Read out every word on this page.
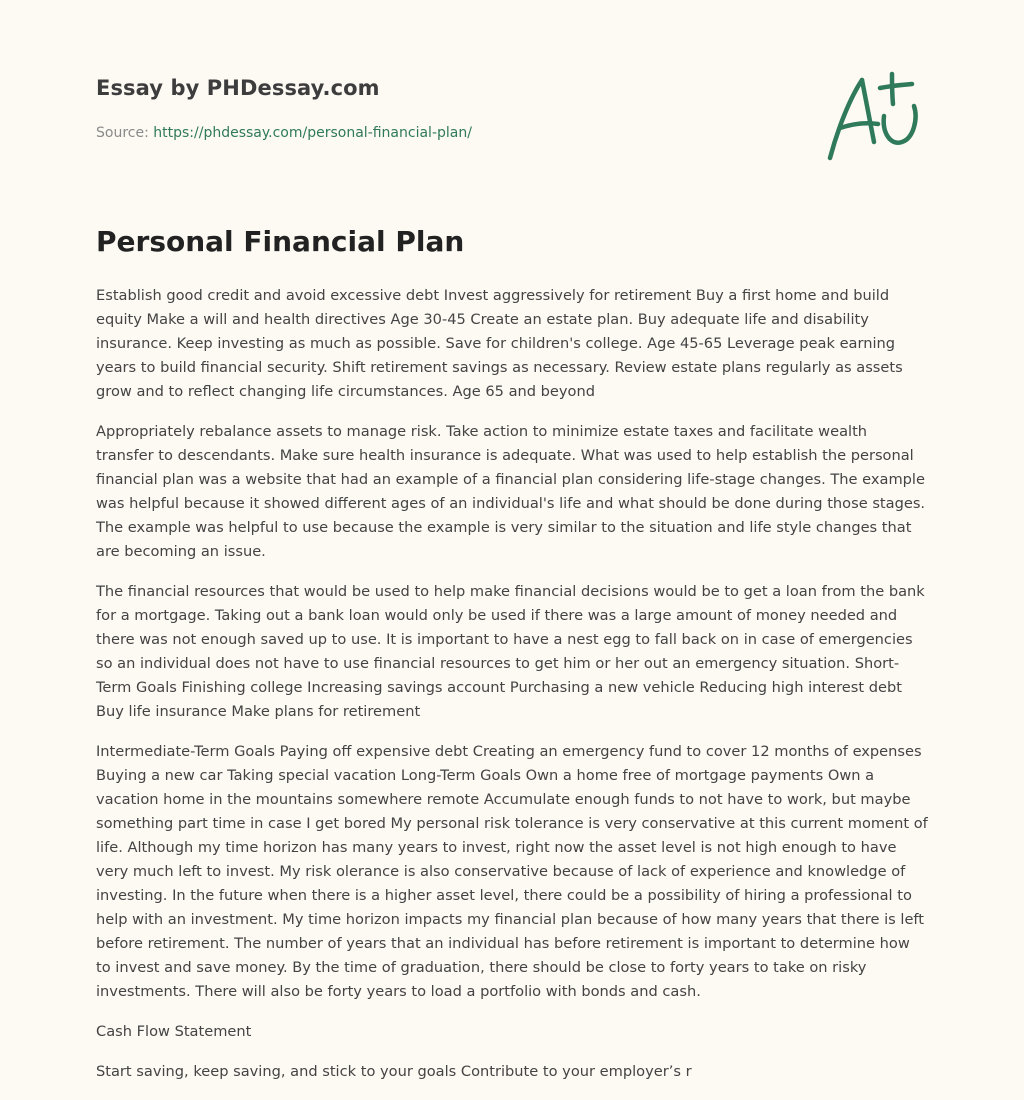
Essay by PHDessay.com
Source: https://phdessay.com/personal-financial-plan/
Personal Financial Plan

Establish good credit and avoid excessive debt Invest aggressively for retirement Buy a first home and build equity Make a will and health directives Age 30-45 Create an estate plan. Buy adequate life and disability insurance. Keep investing as much as possible. Save for children's college. Age 45-65 Leverage peak earning years to build financial security. Shift retirement savings as necessary. Review estate plans regularly as assets grow and to reflect changing life circumstances. Age 65 and beyond

Appropriately rebalance assets to manage risk. Take action to minimize estate taxes and facilitate wealth transfer to descendants. Make sure health insurance is adequate. What was used to help establish the personal financial plan was a website that had an example of a financial plan considering life-stage changes. The example was helpful because it showed different ages of an individual's life and what should be done during those stages. The example was helpful to use because the example is very similar to the situation and life style changes that are becoming an issue.

The financial resources that would be used to help make financial decisions would be to get a loan from the bank for a mortgage. Taking out a bank loan would only be used if there was a large amount of money needed and there was not enough saved up to use. It is important to have a nest egg to fall back on in case of emergencies so an individual does not have to use financial resources to get him or her out an emergency situation. Short-Term Goals Finishing college Increasing savings account Purchasing a new vehicle Reducing high interest debt Buy life insurance Make plans for retirement

Intermediate-Term Goals Paying off expensive debt Creating an emergency fund to cover 12 months of expenses Buying a new car Taking special vacation Long-Term Goals Own a home free of mortgage payments Own a vacation home in the mountains somewhere remote Accumulate enough funds to not have to work, but maybe something part time in case I get bored My personal risk tolerance is very conservative at this current moment of life. Although my time horizon has many years to invest, right now the asset level is not high enough to have very much left to invest. My risk olerance is also conservative because of lack of experience and knowledge of investing. In the future when there is a higher asset level, there could be a possibility of hiring a professional to help with an investment. My time horizon impacts my financial plan because of how many years that there is left before retirement. The number of years that an individual has before retirement is important to determine how to invest and save money. By the time of graduation, there should be close to forty years to take on risky investments. There will also be forty years to load a portfolio with bonds and cash.

Cash Flow Statement

Start saving, keep saving, and stick to your goals Contribute to your employer’s r
